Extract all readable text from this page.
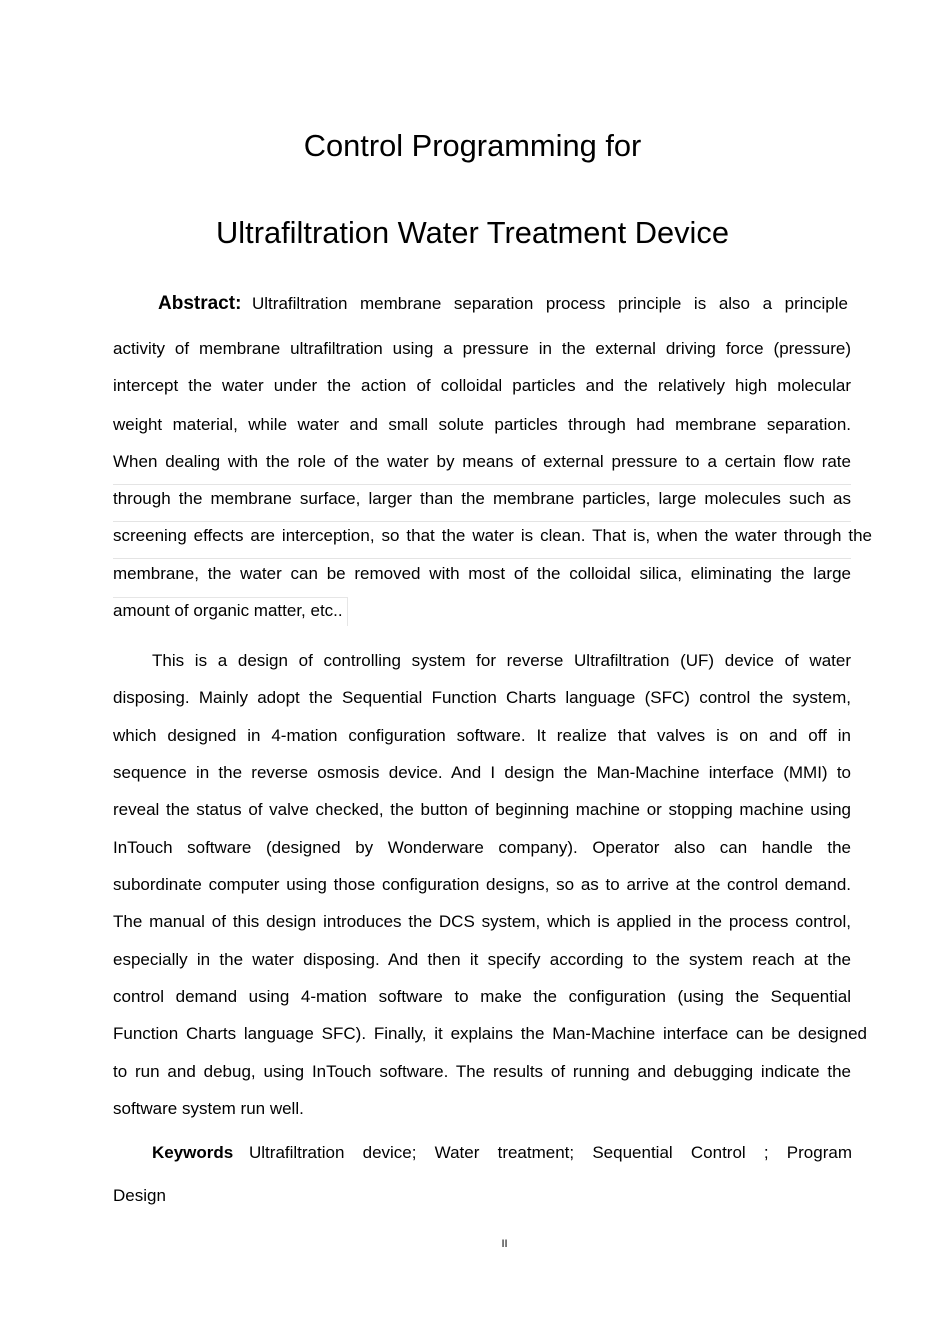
Control Programming for
Ultrafiltration Water Treatment Device
Abstract: Ultrafiltration membrane separation process principle is also a principle
activity of membrane ultrafiltration using a pressure in the external driving force (pressure)
intercept the water under the action of colloidal particles and the relatively high molecular
weight material, while water and small solute particles through had membrane separation.
When dealing with the role of the water by means of external pressure to a certain flow rate
through the membrane surface, larger than the membrane particles, large molecules such as
screening effects are interception, so that the water is clean. That is, when the water through the
membrane, the water can be removed with most of the colloidal silica, eliminating the large
amount of organic matter, etc..
This is a design of controlling system for reverse Ultrafiltration (UF) device of water
disposing. Mainly adopt the Sequential Function Charts language (SFC) control the system,
which designed in 4-mation configuration software. It realize that valves is on and off in
sequence in the reverse osmosis device. And I design the Man-Machine interface (MMI) to
reveal the status of valve checked, the button of beginning machine or stopping machine using
InTouch software (designed by Wonderware company). Operator also can handle the
subordinate computer using those configuration designs, so as to arrive at the control demand.
The manual of this design introduces the DCS system, which is applied in the process control,
especially in the water disposing. And then it specify according to the system reach at the
control demand using 4-mation software to make the configuration (using the Sequential
Function Charts language SFC). Finally, it explains the Man-Machine interface can be designed
to run and debug, using InTouch software. The results of running and debugging indicate the
software system run well.
Keywords Ultrafiltration device; Water treatment; Sequential Control ; Program
Design
II
